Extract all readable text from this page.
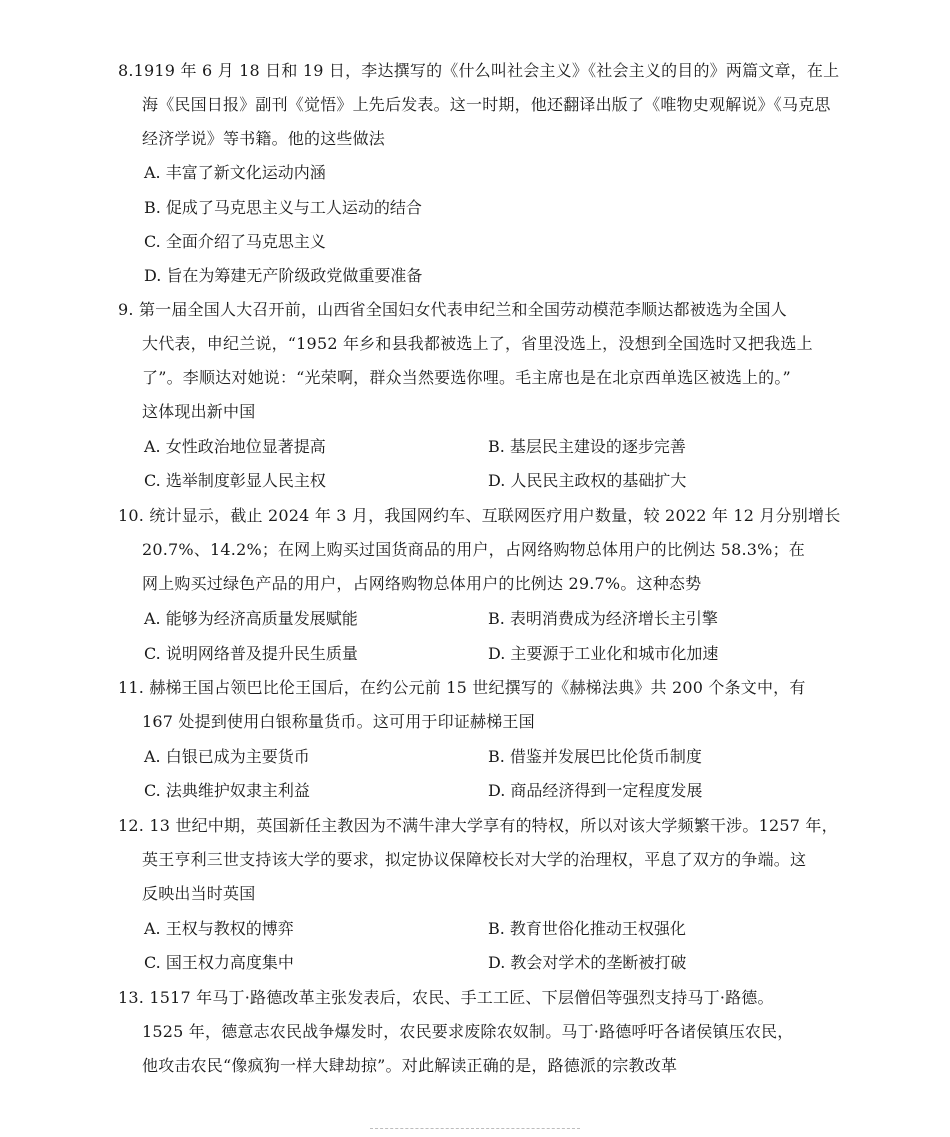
8.1919 年 6 月 18 日和 19 日，李达撰写的《什么叫社会主义》《社会主义的目的》两篇文章，在上
海《民国日报》副刊《觉悟》上先后发表。这一时期，他还翻译出版了《唯物史观解说》《马克思
经济学说》等书籍。他的这些做法
A. 丰富了新文化运动内涵
B. 促成了马克思主义与工人运动的结合
C. 全面介绍了马克思主义
D. 旨在为筹建无产阶级政党做重要准备
9. 第一届全国人大召开前，山西省全国妇女代表申纪兰和全国劳动模范李顺达都被选为全国人
大代表，申纪兰说，“1952 年乡和县我都被选上了，省里没选上，没想到全国选时又把我选上
了”。李顺达对她说：“光荣啊，群众当然要选你哩。毛主席也是在北京西单选区被选上的。”
这体现出新中国
A. 女性政治地位显著提高	B. 基层民主建设的逐步完善
C. 选举制度彰显人民主权	D. 人民民主政权的基础扩大
10. 统计显示，截止 2024 年 3 月，我国网约车、互联网医疗用户数量，较 2022 年 12 月分别增长
20.7%、14.2%；在网上购买过国货商品的用户，占网络购物总体用户的比例达 58.3%；在
网上购买过绿色产品的用户，占网络购物总体用户的比例达 29.7%。这种态势
A. 能够为经济高质量发展赋能	B. 表明消费成为经济增长主引擎
C. 说明网络普及提升民生质量	D. 主要源于工业化和城市化加速
11. 赫梯王国占领巴比伦王国后，在约公元前 15 世纪撰写的《赫梯法典》共 200 个条文中，有
167 处提到使用白银称量货币。这可用于印证赫梯王国
A. 白银已成为主要货币	B. 借鉴并发展巴比伦货币制度
C. 法典维护奴隶主利益	D. 商品经济得到一定程度发展
12. 13 世纪中期，英国新任主教因为不满牛津大学享有的特权，所以对该大学频繁干涉。1257 年，
英王亨利三世支持该大学的要求，拟定协议保障校长对大学的治理权，平息了双方的争端。这
反映出当时英国
A. 王权与教权的博弈	B. 教育世俗化推动王权强化
C. 国王权力高度集中	D. 教会对学术的垄断被打破
13. 1517 年马丁·路德改革主张发表后，农民、手工工匠、下层僧侣等强烈支持马丁·路德。
1525 年，德意志农民战争爆发时，农民要求废除农奴制。马丁·路德呼吁各诸侯镇压农民，
他攻击农民“像疯狗一样大肆劫掠”。对此解读正确的是，路德派的宗教改革
